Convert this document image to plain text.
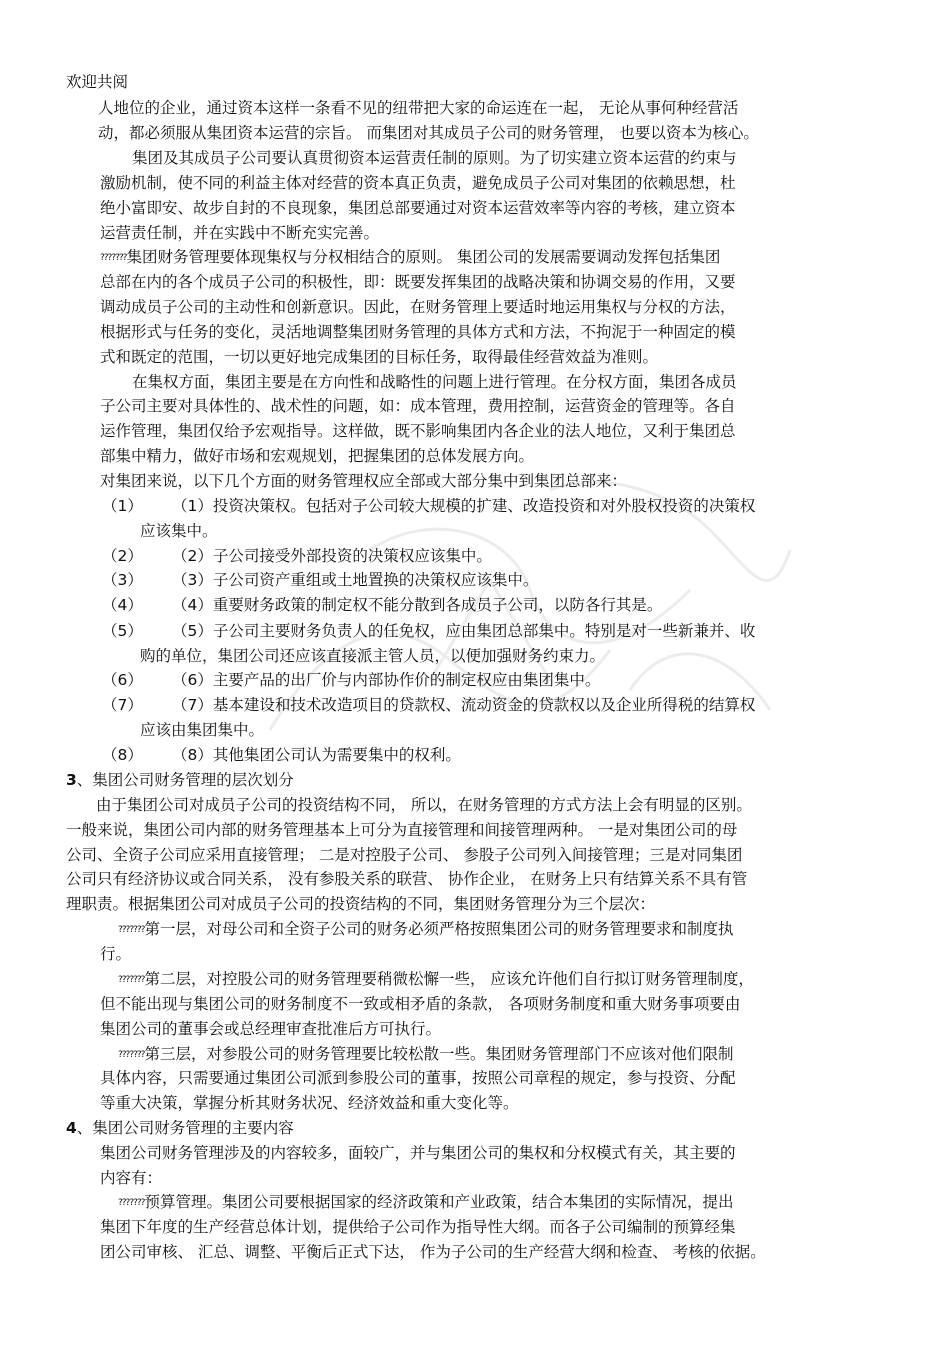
欢迎共阅
人地位的企业，通过资本这样一条看不见的纽带把大家的命运连在一起， 无论从事何种经营活
动，都必须服从集团资本运营的宗旨。 而集团对其成员子公司的财务管理， 也要以资本为核心。
集团及其成员子公司要认真贯彻资本运营责任制的原则。为了切实建立资本运营的约束与
激励机制，使不同的利益主体对经营的资本真正负责，避免成员子公司对集团的依赖思想，杜
绝小富即安、故步自封的不良现象，集团总部要通过对资本运营效率等内容的考核，建立资本
运营责任制，并在实践中不断充实完善。
???????集团财务管理要体现集权与分权相结合的原则。 集团公司的发展需要调动发挥包括集团
总部在内的各个成员子公司的积极性，即：既要发挥集团的战略决策和协调交易的作用，又要
调动成员子公司的主动性和创新意识。因此，在财务管理上要适时地运用集权与分权的方法，
根据形式与任务的变化，灵活地调整集团财务管理的具体方式和方法，不拘泥于一种固定的模
式和既定的范围，一切以更好地完成集团的目标任务，取得最佳经营效益为准则。
在集权方面，集团主要是在方向性和战略性的问题上进行管理。在分权方面，集团各成员
子公司主要对具体性的、战术性的问题，如：成本管理，费用控制，运营资金的管理等。各自
运作管理，集团仅给予宏观指导。这样做，既不影响集团内各企业的法人地位，又利于集团总
部集中精力，做好市场和宏观规划，把握集团的总体发展方向。
对集团来说，以下几个方面的财务管理权应全部或大部分集中到集团总部来：
（1） （1）投资决策权。包括对子公司较大规模的扩建、改造投资和对外股权投资的决策权
应该集中。
（2） （2）子公司接受外部投资的决策权应该集中。
（3） （3）子公司资产重组或土地置换的决策权应该集中。
（4） （4）重要财务政策的制定权不能分散到各成员子公司，以防各行其是。
（5） （5）子公司主要财务负责人的任免权，应由集团总部集中。特别是对一些新兼并、收
购的单位，集团公司还应该直接派主管人员，以便加强财务约束力。
（6） （6）主要产品的出厂价与内部协作价的制定权应由集团集中。
（7） （7）基本建设和技术改造项目的贷款权、流动资金的贷款权以及企业所得税的结算权
应该由集团集中。
（8） （8）其他集团公司认为需要集中的权利。
3、集团公司财务管理的层次划分
由于集团公司对成员子公司的投资结构不同， 所以，在财务管理的方式方法上会有明显的区别。
一般来说，集团公司内部的财务管理基本上可分为直接管理和间接管理两种。 一是对集团公司的母
公司、全资子公司应采用直接管理； 二是对控股子公司、 参股子公司列入间接管理；三是对同集团
公司只有经济协议或合同关系， 没有参股关系的联营、 协作企业， 在财务上只有结算关系不具有管
理职责。根据集团公司对成员子公司的投资结构的不同，集团财务管理分为三个层次：
???????第一层，对母公司和全资子公司的财务必须严格按照集团公司的财务管理要求和制度执
行。
???????第二层，对控股公司的财务管理要稍微松懈一些， 应该允许他们自行拟订财务管理制度，
但不能出现与集团公司的财务制度不一致或相矛盾的条款， 各项财务制度和重大财务事项要由
集团公司的董事会或总经理审查批准后方可执行。
???????第三层，对参股公司的财务管理要比较松散一些。集团财务管理部门不应该对他们限制
具体内容，只需要通过集团公司派到参股公司的董事，按照公司章程的规定，参与投资、分配
等重大决策，掌握分析其财务状况、经济效益和重大变化等。
4、集团公司财务管理的主要内容
集团公司财务管理涉及的内容较多，面较广，并与集团公司的集权和分权模式有关，其主要的
内容有：
???????预算管理。集团公司要根据国家的经济政策和产业政策，结合本集团的实际情况，提出
集团下年度的生产经营总体计划，提供给子公司作为指导性大纲。而各子公司编制的预算经集
团公司审核、 汇总、调整、平衡后正式下达， 作为子公司的生产经营大纲和检查、 考核的依据。
